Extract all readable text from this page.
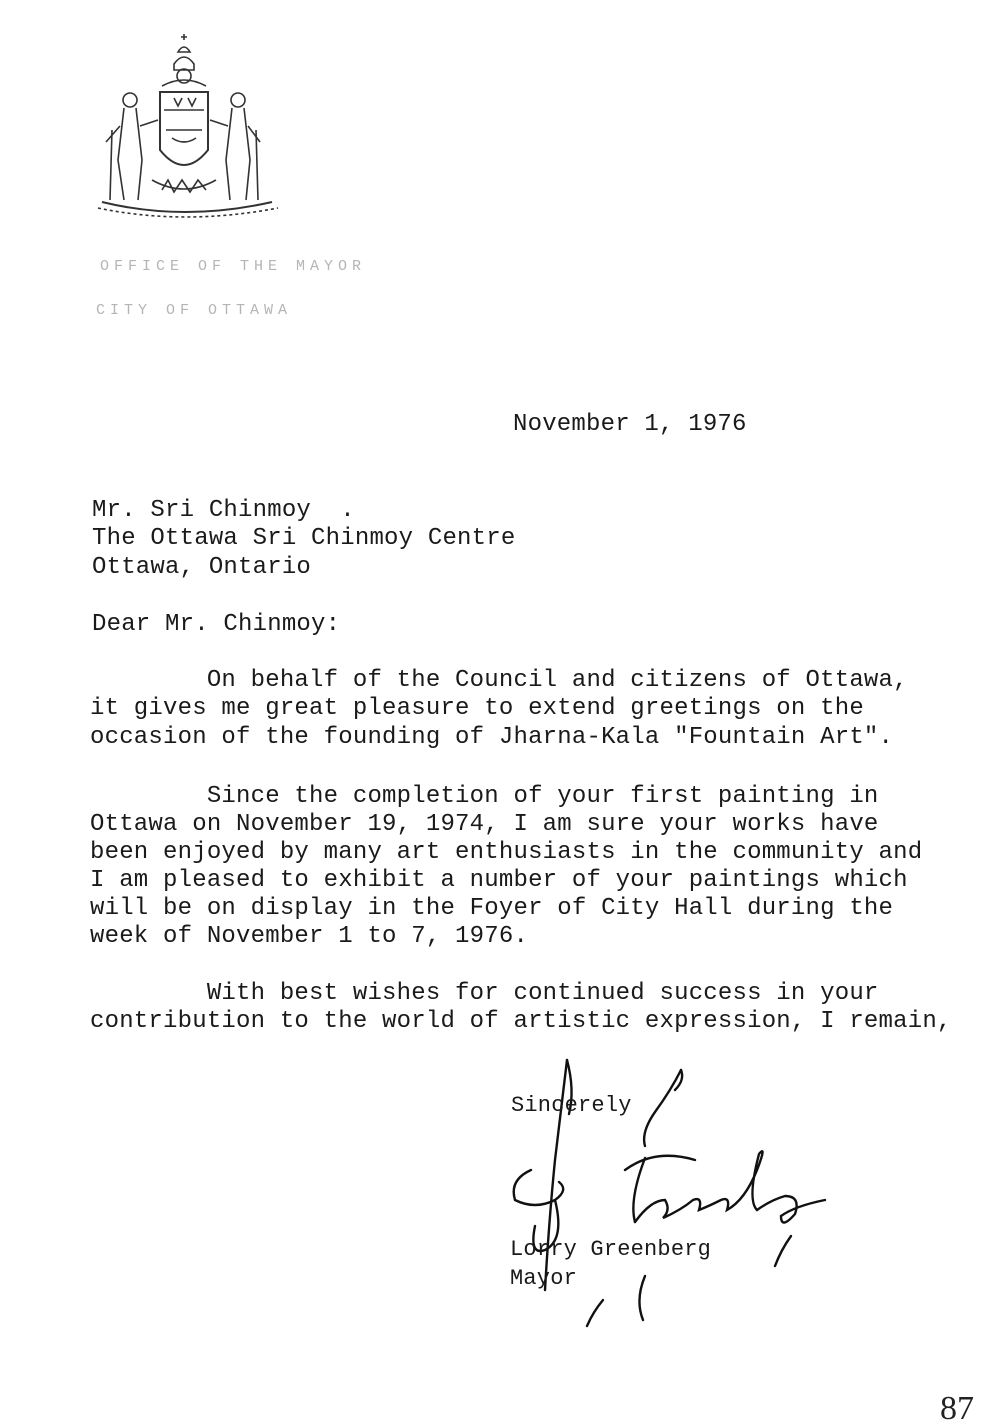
OFFICE OF THE MAYOR
CITY OF OTTAWA
November 1, 1976
Mr. Sri Chinmoy  .
The Ottawa Sri Chinmoy Centre
Ottawa, Ontario
Dear Mr. Chinmoy:
On behalf of the Council and citizens of Ottawa,
it gives me great pleasure to extend greetings on the
occasion of the founding of Jharna-Kala "Fountain Art".
Since the completion of your first painting in
Ottawa on November 19, 1974, I am sure your works have
been enjoyed by many art enthusiasts in the community and
I am pleased to exhibit a number of your paintings which
will be on display in the Foyer of City Hall during the
week of November 1 to 7, 1976.
With best wishes for continued success in your
contribution to the world of artistic expression, I remain,
Sincerely
Lorry Greenberg
Mayor
87
